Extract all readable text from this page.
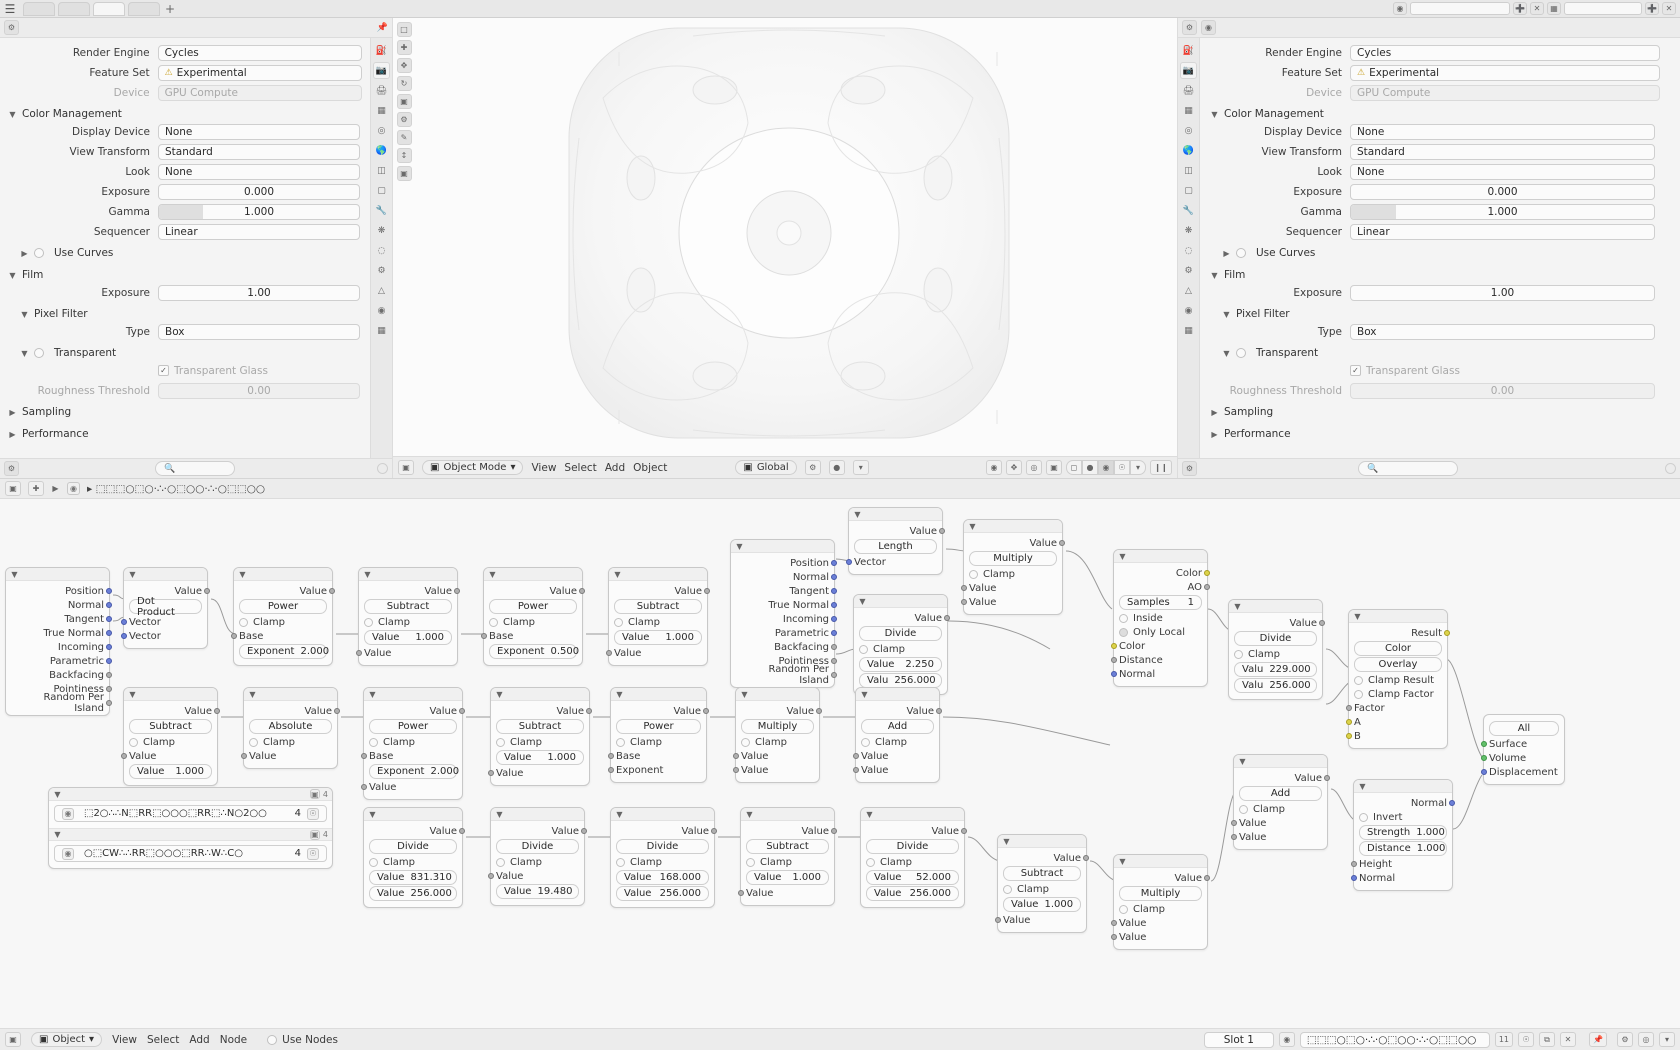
☰	+	◉	➕	✕	▦	➕	✕
⚙	📌
⛽
📷
🖨
▦
◎
🌎
◫
▢
🔧
❋
◌
⚙
△
◉
▦
Render Engine	Cycles
Feature Set	⚠ Experimental
Device	GPU Compute
▼ Color Management
Display Device	None
View Transform	Standard
Look	None
Exposure	0.000
Gamma	1.000
Sequencer	Linear
▶	Use Curves
▼ Film
Exposure	1.00
▼ Pixel Filter
Type	Box
▼	Transparent
✓ Transparent Glass
Roughness Threshold	0.00
▶ Sampling
▶ Performance
⚙	🔍
□
✚
✥
↻
▣
⚙
✎
↕
▣
▣	▣ Object Mode ▾ View Select Add Object	▣ Global	⚙	●	▾	◉	✥	◎	▣	◻	●	◉	☉	▾	❙❙
⚙	◉
⛽
📷
🖨
▦
◎
🌎
◫
▢
🔧
❋
◌
⚙
△
◉
▦
Render Engine	Cycles
Feature Set	⚠ Experimental
Device	GPU Compute
▼ Color Management
Display Device	None
View Transform	Standard
Look	None
Exposure	0.000
Gamma	1.000
Sequencer	Linear
▶	Use Curves
▼ Film
Exposure	1.00
▼ Pixel Filter
Type	Box
▼	Transparent
✓ Transparent Glass
Roughness Threshold	0.00
▶ Sampling
▶ Performance
⚙	🔍
▣	✚	▶	◉ ▸ ⬚⬚⬚○⬚○·∴·○⬚○○·∴·○⬚⬚○○
▼
Position
Normal
Tangent
True Normal
Incoming
Parametric
Backfacing
Pointiness
Random Per Island
▼
Value
Length
Vector
▼
Value
Multiply
Clamp
Value
Value
▼
Value
Divide
Clamp
Value 2.250
Valu 256.000
▼
Color
AO
Samples 1
Inside
Only Local
Color
Distance
Normal
▼
Value
Divide
Clamp
Valu 229.000
Valu 256.000
▼
Result
Color
Overlay
Clamp Result
Clamp Factor
Factor
A
B
All
Surface
Volume
Displacement
▼
Position
Normal
Tangent
True Normal
Incoming
Parametric
Backfacing
Pointiness
Random Per Island
▼
Value
Dot Product
Vector
Vector
▼
Value
Power
Clamp
Base
Exponent 2.000
▼
Value
Subtract
Clamp
Value 1.000
Value
▼
Value
Power
Clamp
Base
Exponent 0.500
▼
Value
Subtract
Clamp
Value 1.000
Value
▼
Value
Subtract
Clamp
Value
Value 1.000
▼
Value
Absolute
Clamp
Value
▼
Value
Power
Clamp
Base
Exponent 2.000
Value
▼
Value
Subtract
Clamp
Value 1.000
Value
▼
Value
Power
Clamp
Base
Exponent
▼
Value
Multiply
Clamp
Value
Value
▼
Value
Add
Clamp
Value
Value
▼
Value
Add
Clamp
Value
Value
▼
Normal
Invert
Strength 1.000
Distance 1.000
Height
Normal
▼
Value
Divide
Clamp
Value 831.310
Value 256.000
▼
Value
Divide
Clamp
Value
Value 19.480
▼
Value
Divide
Clamp
Value 168.000
Value 256.000
▼
Value
Subtract
Clamp
Value 1.000
Value
▼
Value
Divide
Clamp
Value 52.000
Value 256.000
▼
Value
Subtract
Clamp
Value 1.000
Value
▼
Value
Multiply
Clamp
Value
Value
▼	▣ 4
◉	⬚2○∴∴N⬚RR⬚○○○⬚RR⬚∴N○2○○	4	☉
▼	▣ 4
◉	○⬚CW∴∴RR⬚○○○⬚RR∴W∴C○	4	☉
▣	▣ Object ▾ View Select Add Node	Use Nodes	Slot 1	◉	⬚⬚⬚○⬚○·∴·○⬚○○·∴·○⬚⬚○○	11	☉	⧉	✕	📌	⚙	◎	▾
